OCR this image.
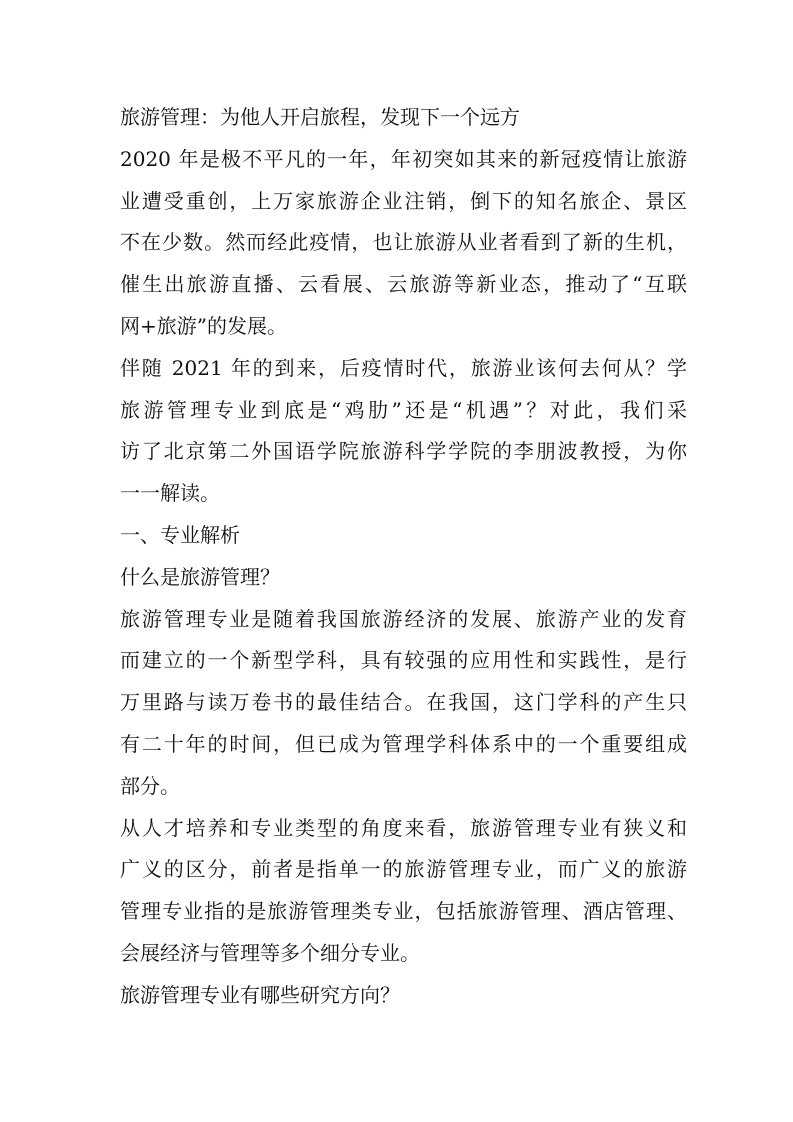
旅游管理：为他人开启旅程，发现下一个远方
2020 年是极不平凡的一年，年初突如其来的新冠疫情让旅游
业遭受重创，上万家旅游企业注销，倒下的知名旅企、景区
不在少数。然而经此疫情，也让旅游从业者看到了新的生机，
催生出旅游直播、云看展、云旅游等新业态，推动了“互联
网+旅游”的发展。
伴随 2021 年的到来，后疫情时代，旅游业该何去何从？学
旅游管理专业到底是“鸡肋”还是“机遇”？对此，我们采
访了北京第二外国语学院旅游科学学院的李朋波教授，为你
一一解读。
一、专业解析
什么是旅游管理？
旅游管理专业是随着我国旅游经济的发展、旅游产业的发育
而建立的一个新型学科，具有较强的应用性和实践性，是行
万里路与读万卷书的最佳结合。在我国，这门学科的产生只
有二十年的时间，但已成为管理学科体系中的一个重要组成
部分。
从人才培养和专业类型的角度来看，旅游管理专业有狭义和
广义的区分，前者是指单一的旅游管理专业，而广义的旅游
管理专业指的是旅游管理类专业，包括旅游管理、酒店管理、
会展经济与管理等多个细分专业。
旅游管理专业有哪些研究方向？
